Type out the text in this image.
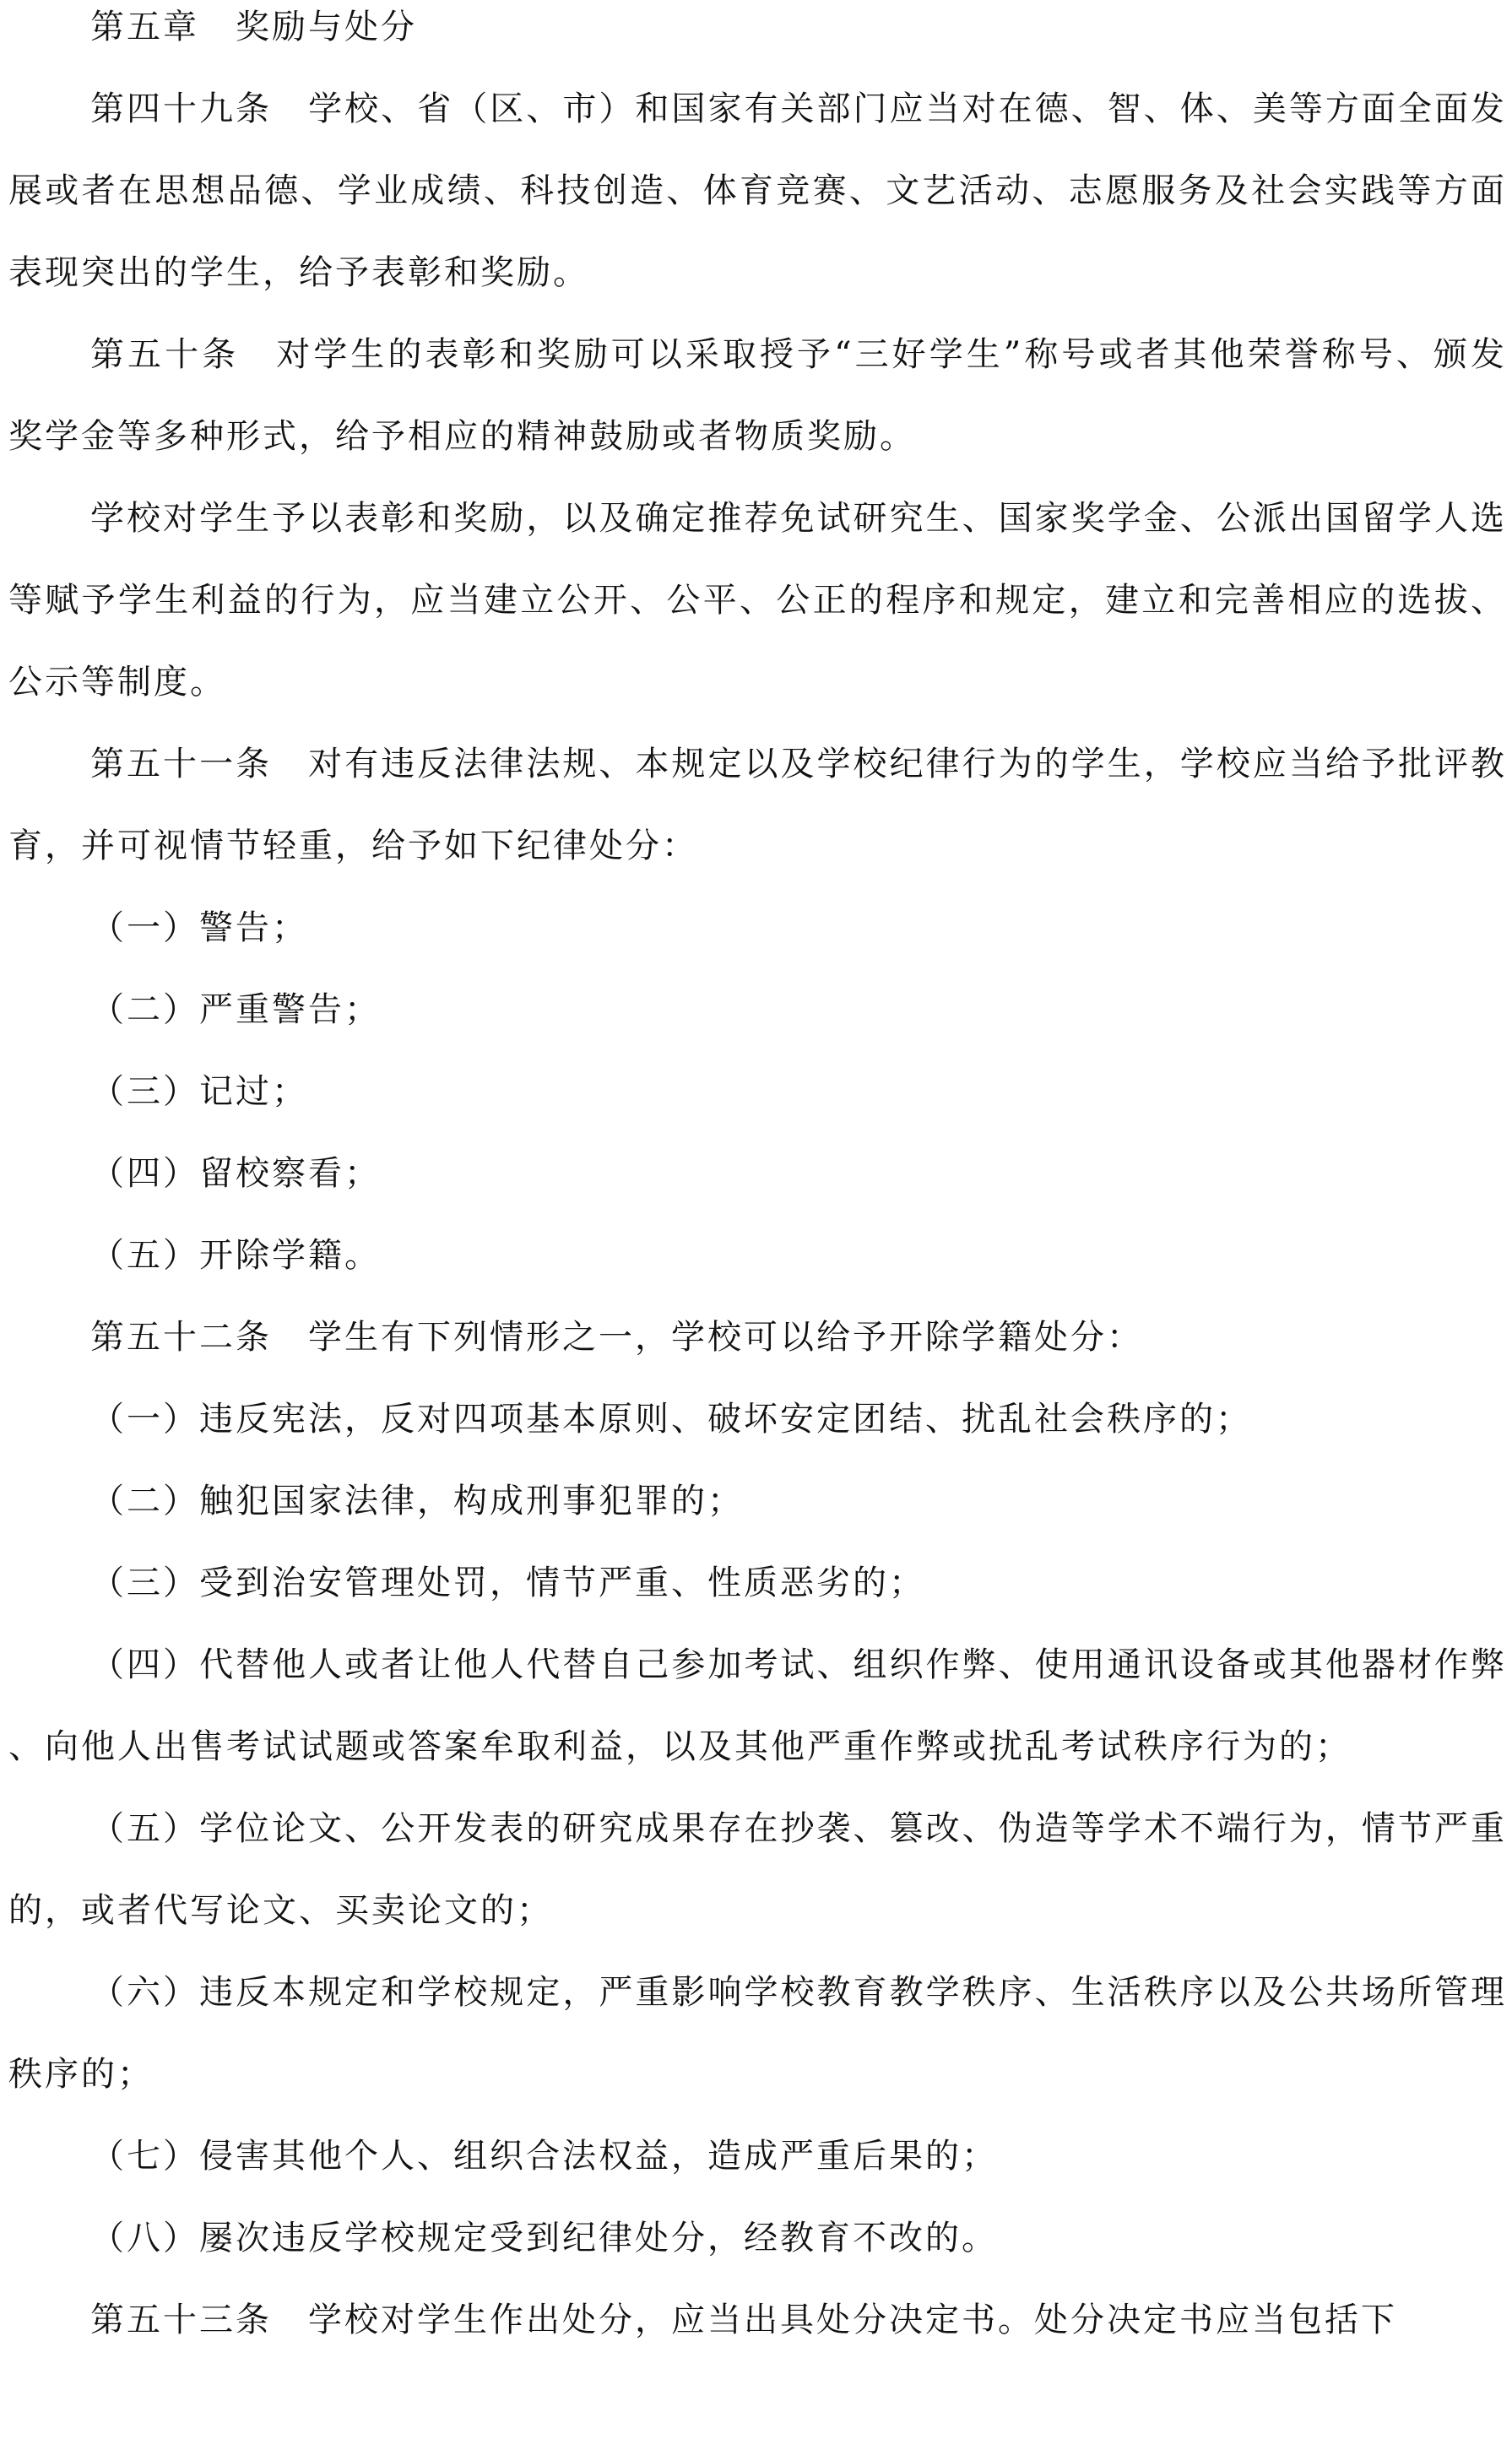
第五章　奖励与处分

第四十九条　学校、省（区、市）和国家有关部门应当对在德、智、体、美等方面全面发展或者在思想品德、学业成绩、科技创造、体育竞赛、文艺活动、志愿服务及社会实践等方面表现突出的学生，给予表彰和奖励。

第五十条　对学生的表彰和奖励可以采取授予“三好学生”称号或者其他荣誉称号、颁发奖学金等多种形式，给予相应的精神鼓励或者物质奖励。

学校对学生予以表彰和奖励，以及确定推荐免试研究生、国家奖学金、公派出国留学人选等赋予学生利益的行为，应当建立公开、公平、公正的程序和规定，建立和完善相应的选拔、公示等制度。

第五十一条　对有违反法律法规、本规定以及学校纪律行为的学生，学校应当给予批评教育，并可视情节轻重，给予如下纪律处分：

（一）警告；

（二）严重警告；

（三）记过；

（四）留校察看；

（五）开除学籍。

第五十二条　学生有下列情形之一，学校可以给予开除学籍处分：

（一）违反宪法，反对四项基本原则、破坏安定团结、扰乱社会秩序的；

（二）触犯国家法律，构成刑事犯罪的；

（三）受到治安管理处罚，情节严重、性质恶劣的；

（四）代替他人或者让他人代替自己参加考试、组织作弊、使用通讯设备或其他器材作弊、向他人出售考试试题或答案牟取利益，以及其他严重作弊或扰乱考试秩序行为的；

（五）学位论文、公开发表的研究成果存在抄袭、篡改、伪造等学术不端行为，情节严重的，或者代写论文、买卖论文的；

（六）违反本规定和学校规定，严重影响学校教育教学秩序、生活秩序以及公共场所管理秩序的；

（七）侵害其他个人、组织合法权益，造成严重后果的；

（八）屡次违反学校规定受到纪律处分，经教育不改的。

第五十三条　学校对学生作出处分，应当出具处分决定书。处分决定书应当包括下
